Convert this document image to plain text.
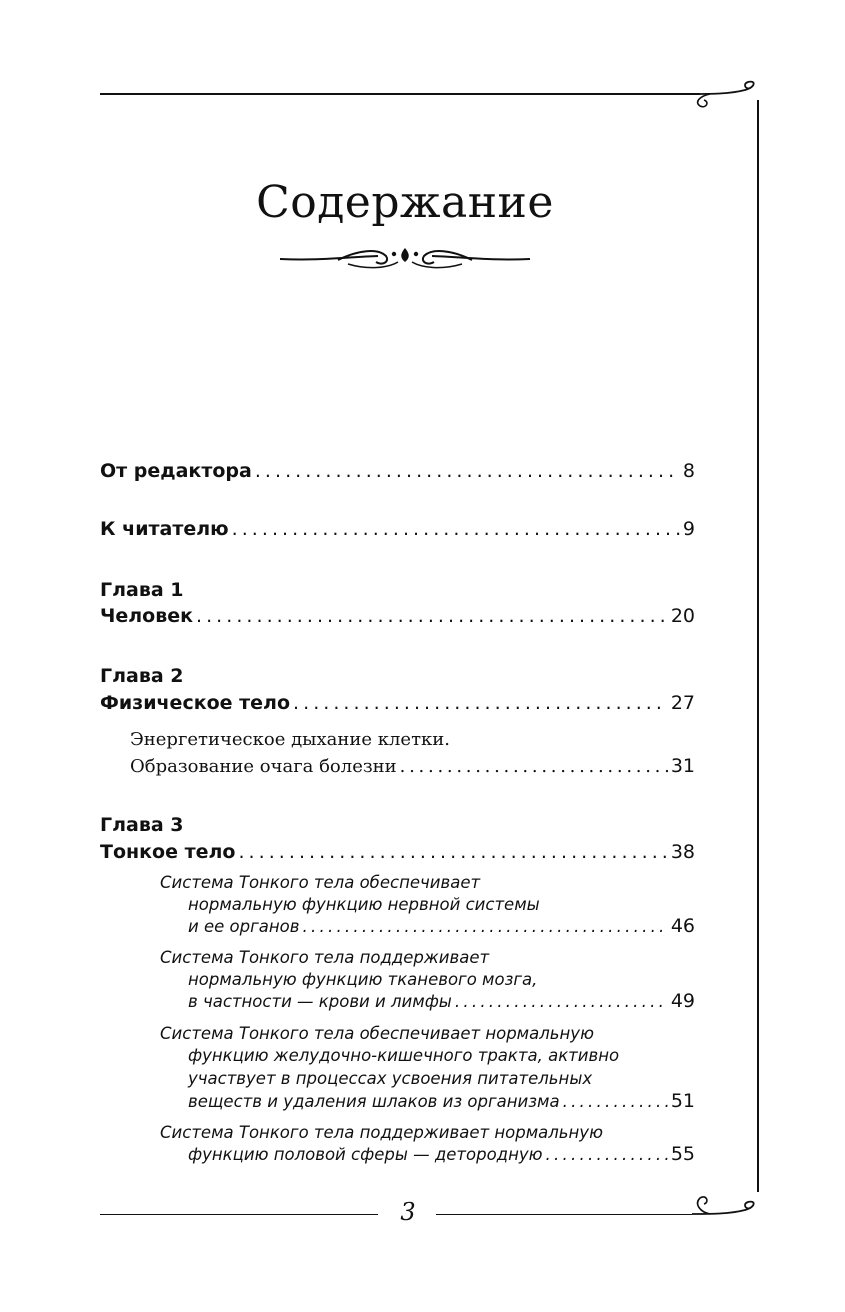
Содержание
От редактора . . .	8
К читателю . . .	9
Глава 1
Человек . . .	20
Глава 2
Физическое тело . . .	27
Энергетическое дыхание клетки.
Образование очага болезни . . .	31
Глава 3
Тонкое тело . . .	38
Система Тонкого тела обеспечивает
нормальную функцию нервной системы
и ее органов . . .	46
Система Тонкого тела поддерживает
нормальную функцию тканевого мозга,
в частности — крови и лимфы . . .	49
Система Тонкого тела обеспечивает нормальную
функцию желудочно-кишечного тракта, активно
участвует в процессах усвоения питательных
веществ и удаления шлаков из организма . . .	51
Система Тонкого тела поддерживает нормальную
функцию половой сферы — детородную . . .	55
3
